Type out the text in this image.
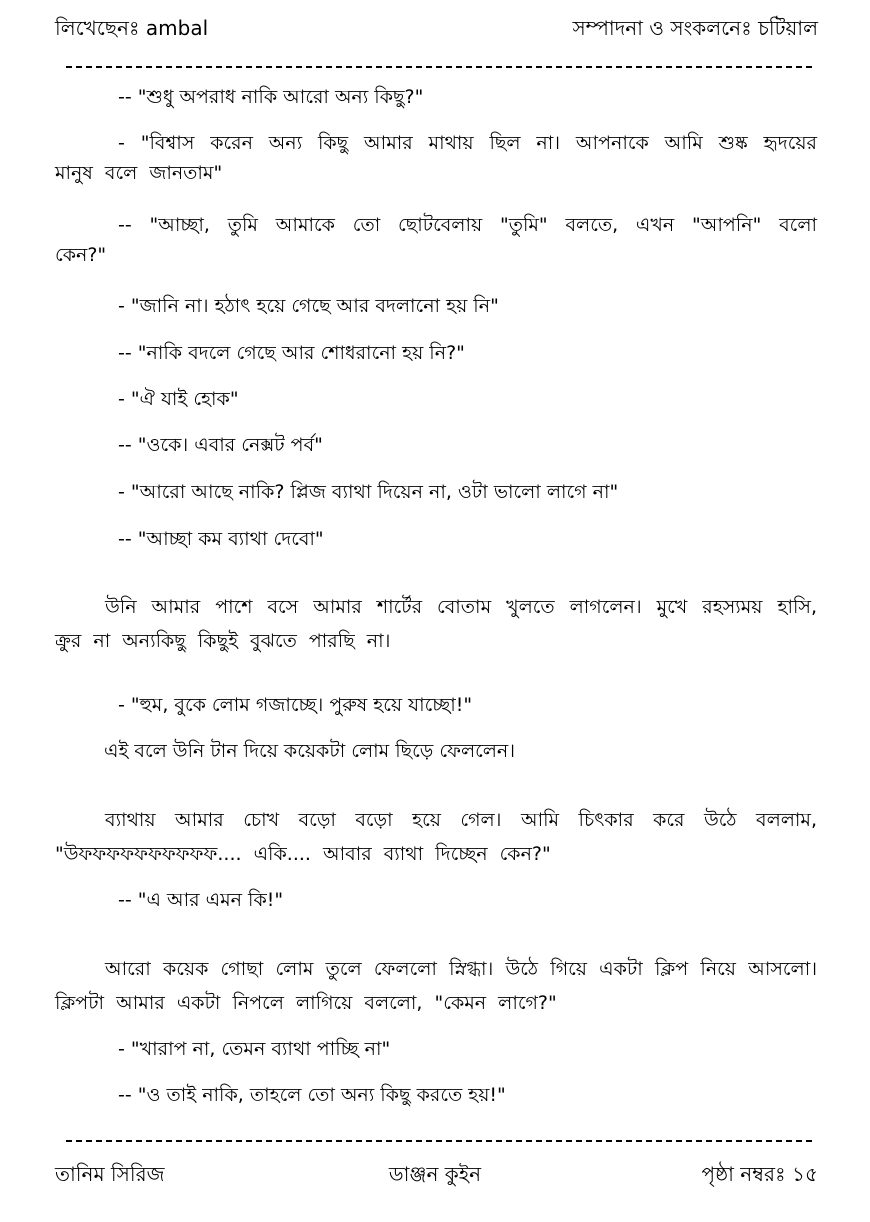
লিখেছেনঃ ambal	সম্পাদনা ও সংকলনেঃ চটিয়াল
-- "শুধু অপরাধ নাকি আরো অন্য কিছু?"
- "বিশ্বাস করেন অন্য কিছু আমার মাথায় ছিল না। আপনাকে আমি শুষ্ক হৃদয়ের মানুষ বলে জানতাম"
-- "আচ্ছা, তুমি আমাকে তো ছোটবেলায় "তুমি" বলতে, এখন "আপনি" বলো কেন?"
- "জানি না। হঠাৎ হয়ে গেছে আর বদলানো হয় নি"
-- "নাকি বদলে গেছে আর শোধরানো হয় নি?"
- "ঐ যাই হোক"
-- "ওকে। এবার নেক্সট পর্ব"
- "আরো আছে নাকি? প্লিজ ব্যাথা দিয়েন না, ওটা ভালো লাগে না"
-- "আচ্ছা কম ব্যাথা দেবো"
উনি আমার পাশে বসে আমার শার্টের বোতাম খুলতে লাগলেন। মুখে রহস্যময় হাসি, ক্রুর না অন্যকিছু কিছুই বুঝতে পারছি না।
- "হুম, বুকে লোম গজাচ্ছে। পুরুষ হয়ে যাচ্ছো!"
এই বলে উনি টান দিয়ে কয়েকটা লোম ছিড়ে ফেললেন।
ব্যাথায় আমার চোখ বড়ো বড়ো হয়ে গেল। আমি চিৎকার করে উঠে বললাম, "উফফফফফফফফফফ.... একি.... আবার ব্যাথা দিচ্ছেন কেন?"
-- "এ আর এমন কি!"
আরো কয়েক গোছা লোম তুলে ফেললো স্নিগ্ধা। উঠে গিয়ে একটা ক্লিপ নিয়ে আসলো। ক্লিপটা আমার একটা নিপলে লাগিয়ে বললো, "কেমন লাগে?"
- "খারাপ না, তেমন ব্যাথা পাচ্ছি না"
-- "ও তাই নাকি, তাহলে তো অন্য কিছু করতে হয়!"
তানিম সিরিজ	ডাঞ্জন কুইন	পৃষ্ঠা নম্বরঃ ১৫
